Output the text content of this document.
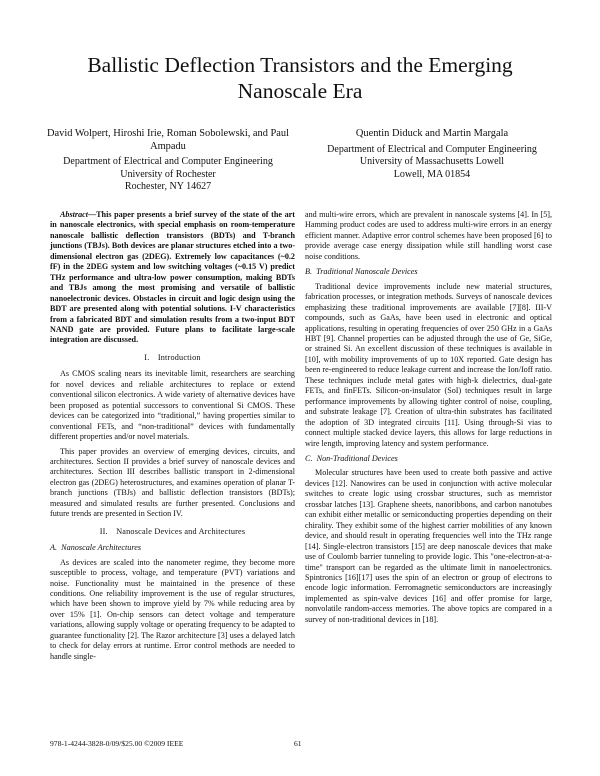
Ballistic Deflection Transistors and the Emerging Nanoscale Era
David Wolpert, Hiroshi Irie, Roman Sobolewski, and Paul Ampadu
Department of Electrical and Computer Engineering
University of Rochester
Rochester, NY 14627
Quentin Diduck and Martin Margala
Department of Electrical and Computer Engineering
University of Massachusetts Lowell
Lowell, MA 01854

Abstract—This paper presents a brief survey of the state of the art in nanoscale electronics, with special emphasis on room-temperature nanoscale ballistic deflection transistors (BDTs) and T-branch junctions (TBJs). Both devices are planar structures etched into a two-dimensional electron gas (2DEG). Extremely low capacitances (~0.2 fF) in the 2DEG system and low switching voltages (~0.15 V) predict THz performance and ultra-low power consumption, making BDTs and TBJs among the most promising and versatile of ballistic nanoelectronic devices. Obstacles in circuit and logic design using the BDT are presented along with potential solutions. I-V characteristics from a fabricated BDT and simulation results from a two-input BDT NAND gate are provided. Future plans to facilitate large-scale integration are discussed.

I. Introduction

As CMOS scaling nears its inevitable limit, researchers are searching for novel devices and reliable architectures to replace or extend conventional silicon electronics. A wide variety of alternative devices have been proposed as potential successors to conventional Si CMOS. These devices can be categorized into “traditional,” having properties similar to conventional FETs, and “non-traditional” devices with fundamentally different properties and/or novel materials.

This paper provides an overview of emerging devices, circuits, and architectures. Section II provides a brief survey of nanoscale devices and architectures. Section III describes ballistic transport in 2-dimensional electron gas (2DEG) heterostructures, and examines operation of planar T-branch junctions (TBJs) and ballistic deflection transistors (BDTs); measured and simulated results are further presented. Conclusions and future trends are presented in Section IV.

II. Nanoscale Devices and Architectures
A. Nanoscale Architectures

As devices are scaled into the nanometer regime, they become more susceptible to process, voltage, and temperature (PVT) variations and noise. Functionality must be maintained in the presence of these conditions. One reliability improvement is the use of regular structures, which have been shown to improve yield by 7% while reducing area by over 15% [1]. On-chip sensors can detect voltage and temperature variations, allowing supply voltage or operating frequency to be adapted to guarantee functionality [2]. The Razor architecture [3] uses a delayed latch to check for delay errors at runtime. Error control methods are needed to handle single-

and multi-wire errors, which are prevalent in nanoscale systems [4]. In [5], Hamming product codes are used to address multi-wire errors in an energy efficient manner. Adaptive error control schemes have been proposed [6] to provide average case energy dissipation while still handling worst case noise conditions.

B. Traditional Nanoscale Devices

Traditional device improvements include new material structures, fabrication processes, or integration methods. Surveys of nanoscale devices emphasizing these traditional improvements are available [7][8]. III-V compounds, such as GaAs, have been used in electronic and optical applications, resulting in operating frequencies of over 250 GHz in a GaAs HBT [9]. Channel properties can be adjusted through the use of Ge, SiGe, or strained Si. An excellent discussion of these techniques is available in [10], with mobility improvements of up to 10X reported. Gate design has been re-engineered to reduce leakage current and increase the Ion/Ioff ratio. These techniques include metal gates with high-k dielectrics, dual-gate FETs, and finFETs. Silicon-on-insulator (SoI) techniques result in large performance improvements by allowing tighter control of noise, coupling, and substrate leakage [7]. Creation of ultra-thin substrates has facilitated the adoption of 3D integrated circuits [11]. Using through-Si vias to connect multiple stacked device layers, this allows for large reductions in wire length, improving latency and system performance.

C. Non-Traditional Devices

Molecular structures have been used to create both passive and active devices [12]. Nanowires can be used in conjunction with active molecular switches to create logic using crossbar structures, such as memristor crossbar latches [13]. Graphene sheets, nanoribbons, and carbon nanotubes can exhibit either metallic or semiconducting properties depending on their chirality. They exhibit some of the highest carrier mobilities of any known device, and should result in operating frequencies well into the THz range [14]. Single-electron transistors [15] are deep nanoscale devices that make use of Coulomb barrier tunneling to provide logic. This "one-electron-at-a-time" transport can be regarded as the ultimate limit in nanoelectronics. Spintronics [16][17] uses the spin of an electron or group of electrons to encode logic information. Ferromagnetic semiconductors are increasingly implemented as spin-valve devices [16] and offer promise for large, nonvolatile random-access memories. The above topics are compared in a survey of non-traditional devices in [18].

978-1-4244-3828-0/09/$25.00 ©2009 IEEE	61
